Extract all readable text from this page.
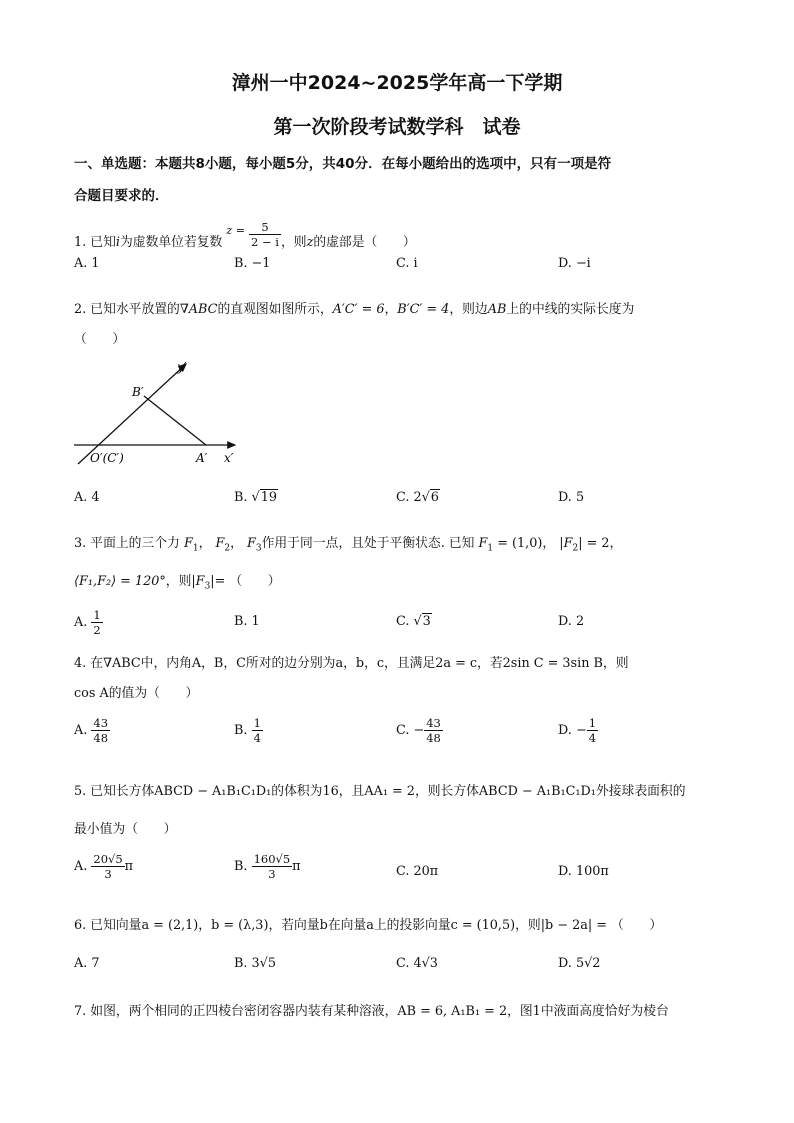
漳州一中2024~2025学年高一下学期
第一次阶段考试数学科　试卷
一、单选题：本题共8小题，每小题5分，共40分．在每小题给出的选项中，只有一项是符
合题目要求的．
1. 已知i为虚数单位若复数 $z = \frac{5}{2 - i}$ ，则z的虚部是（　　）
A. 1	B. −1	C. i	D. −i
2. 已知水平放置的∇ABC的直观图如图所示，A′C′ = 6，B′C′ = 4，则边AB上的中线的实际长度为
（　　）
y′
B′
O′(C′)	A′ x′
A. 4	B. √19	C. 2√6	D. 5
3. 平面上的三个力 $F_1$， $F_2$， $F_3$作用于同一点，且处于平衡状态. 已知 $F_1 = (1,0)$， $|F_2| = 2$，
⟨F₁,F₂⟩ = 120°，则$|F_3|=$ （　　）
A. $\frac{1}{2}$	B. 1	C. √3	D. 2
4. 在∇ABC中，内角A，B，C所对的边分别为a，b，c，且满足2a = c，若2sin C = 3sin B，则
cos A的值为（　　）
A. $\frac{43}{48}$	B. $\frac{1}{4}$	C. − $\frac{43}{48}$	D. − $\frac{1}{4}$
5. 已知长方体ABCD − A₁B₁C₁D₁的体积为16，且AA₁ = 2，则长方体ABCD − A₁B₁C₁D₁外接球表面积的
最小值为（　　）
A. $\frac{20√5}{3}$ π	B. $\frac{160√5}{3}$ π	C. 20π	D. 100π
6. 已知向量a = (2,1)，b = (λ,3)，若向量b在向量a上的投影向量c = (10,5)，则|b − 2a| = （　　）
A. 7	B. 3√5	C. 4√3	D. 5√2
7. 如图，两个相同的正四棱台密闭容器内装有某种溶液，AB = 6, A₁B₁ = 2，图1中液面高度恰好为棱台
